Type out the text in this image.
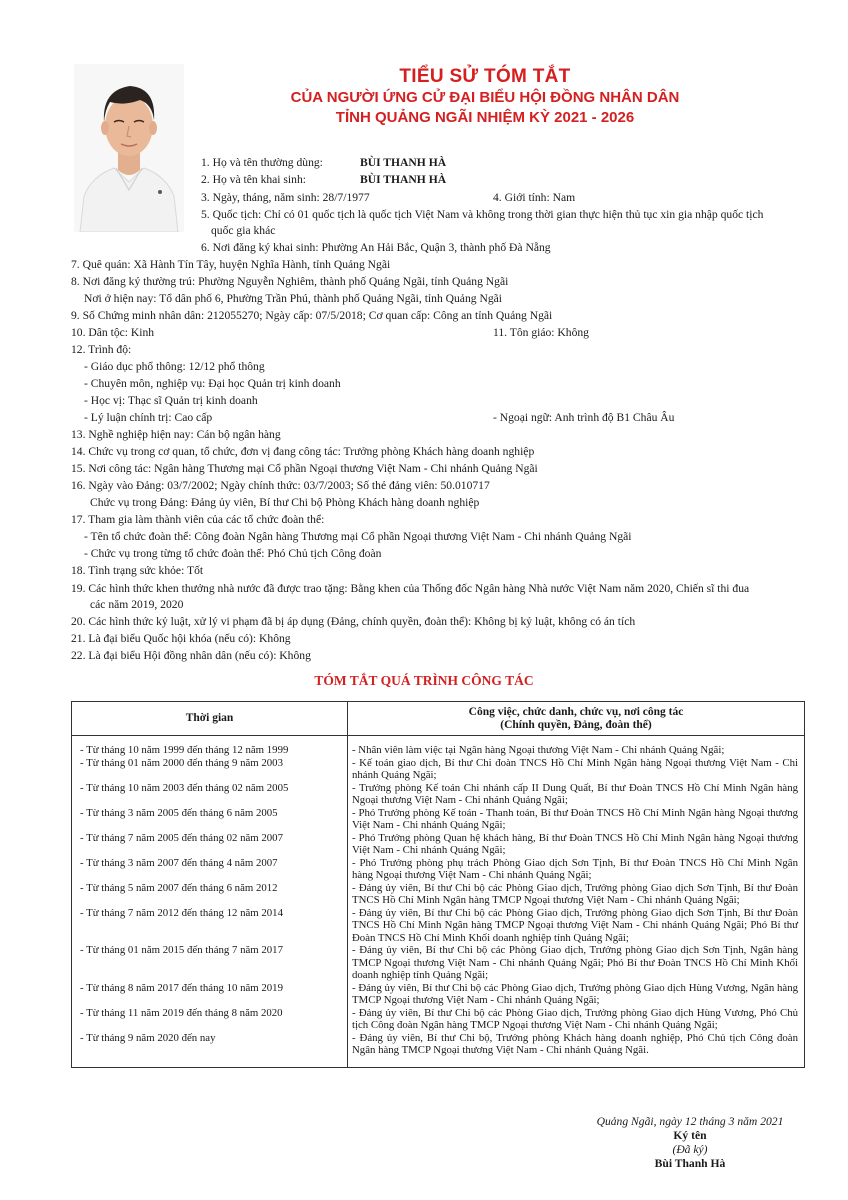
TIỂU SỬ TÓM TẮT
CỦA NGƯỜI ỨNG CỬ ĐẠI BIỂU HỘI ĐỒNG NHÂN DÂN
TỈNH QUẢNG NGÃI NHIỆM KỲ 2021 - 2026
1. Họ và tên thường dùng:	BÙI THANH HÀ
2. Họ và tên khai sinh:	BÙI THANH HÀ
3. Ngày, tháng, năm sinh: 28/7/1977	4. Giới tính: Nam
5. Quốc tịch: Chỉ có 01 quốc tịch là quốc tịch Việt Nam và không trong thời gian thực hiện thủ tục xin gia nhập quốc tịch
quốc gia khác
6. Nơi đăng ký khai sinh: Phường An Hải Bắc, Quận 3, thành phố Đà Nẵng
7. Quê quán: Xã Hành Tín Tây, huyện Nghĩa Hành, tỉnh Quảng Ngãi
8. Nơi đăng ký thường trú: Phường Nguyễn Nghiêm, thành phố Quảng Ngãi, tỉnh Quảng Ngãi
Nơi ở hiện nay: Tổ dân phố 6, Phường Trần Phú, thành phố Quảng Ngãi, tỉnh Quảng Ngãi
9. Số Chứng minh nhân dân: 212055270; Ngày cấp: 07/5/2018; Cơ quan cấp: Công an tỉnh Quảng Ngãi
10. Dân tộc: Kinh	11. Tôn giáo: Không
12. Trình độ:
- Giáo dục phổ thông: 12/12 phổ thông
- Chuyên môn, nghiệp vụ: Đại học Quản trị kinh doanh
- Học vị: Thạc sĩ Quản trị kinh doanh
- Lý luận chính trị: Cao cấp	- Ngoại ngữ: Anh trình độ B1 Châu Âu
13. Nghề nghiệp hiện nay: Cán bộ ngân hàng
14. Chức vụ trong cơ quan, tổ chức, đơn vị đang công tác: Trưởng phòng Khách hàng doanh nghiệp
15. Nơi công tác: Ngân hàng Thương mại Cổ phần Ngoại thương Việt Nam - Chi nhánh Quảng Ngãi
16. Ngày vào Đảng: 03/7/2002; Ngày chính thức: 03/7/2003; Số thẻ đảng viên: 50.010717
Chức vụ trong Đảng: Đảng ủy viên, Bí thư Chi bộ Phòng Khách hàng doanh nghiệp
17. Tham gia làm thành viên của các tổ chức đoàn thể:
- Tên tổ chức đoàn thể: Công đoàn Ngân hàng Thương mại Cổ phần Ngoại thương Việt Nam - Chi nhánh Quảng Ngãi
- Chức vụ trong từng tổ chức đoàn thể: Phó Chủ tịch Công đoàn
18. Tình trạng sức khỏe: Tốt
19. Các hình thức khen thưởng nhà nước đã được trao tặng: Bằng khen của Thống đốc Ngân hàng Nhà nước Việt Nam năm 2020, Chiến sĩ thi đua
các năm 2019, 2020
20. Các hình thức kỷ luật, xử lý vi phạm đã bị áp dụng (Đảng, chính quyền, đoàn thể): Không bị kỷ luật, không có án tích
21. Là đại biểu Quốc hội khóa (nếu có): Không
22. Là đại biểu Hội đồng nhân dân (nếu có): Không
TÓM TẮT QUÁ TRÌNH CÔNG TÁC
Thời gian	Công việc, chức danh, chức vụ, nơi công tác
(Chính quyền, Đảng, đoàn thể)

- Từ tháng 10 năm 1999 đến tháng 12 năm 1999	- Nhân viên làm việc tại Ngân hàng Ngoại thương Việt Nam - Chi nhánh Quảng Ngãi;
- Từ tháng 01 năm 2000 đến tháng 9 năm 2003	- Kế toán giao dịch, Bí thư Chi đoàn TNCS Hồ Chí Minh Ngân hàng Ngoại thương Việt Nam - Chi nhánh Quảng Ngãi;
- Từ tháng 10 năm 2003 đến tháng 02 năm 2005	- Trưởng phòng Kế toán Chi nhánh cấp II Dung Quất, Bí thư Đoàn TNCS Hồ Chí Minh Ngân hàng Ngoại thương Việt Nam - Chi nhánh Quảng Ngãi;
- Từ tháng 3 năm 2005 đến tháng 6 năm 2005	- Phó Trưởng phòng Kế toán - Thanh toán, Bí thư Đoàn TNCS Hồ Chí Minh Ngân hàng Ngoại thương Việt Nam - Chi nhánh Quảng Ngãi;
- Từ tháng 7 năm 2005 đến tháng 02 năm 2007	- Phó Trưởng phòng Quan hệ khách hàng, Bí thư Đoàn TNCS Hồ Chí Minh Ngân hàng Ngoại thương Việt Nam - Chi nhánh Quảng Ngãi;
- Từ tháng 3 năm 2007 đến tháng 4 năm 2007	- Phó Trưởng phòng phụ trách Phòng Giao dịch Sơn Tịnh, Bí thư Đoàn TNCS Hồ Chí Minh Ngân hàng Ngoại thương Việt Nam - Chi nhánh Quảng Ngãi;
- Từ tháng 5 năm 2007 đến tháng 6 năm 2012	- Đảng ủy viên, Bí thư Chi bộ các Phòng Giao dịch, Trưởng phòng Giao dịch Sơn Tịnh, Bí thư Đoàn TNCS Hồ Chí Minh Ngân hàng TMCP Ngoại thương Việt Nam - Chi nhánh Quảng Ngãi;
- Từ tháng 7 năm 2012 đến tháng 12 năm 2014	- Đảng ủy viên, Bí thư Chi bộ các Phòng Giao dịch, Trưởng phòng Giao dịch Sơn Tịnh, Bí thư Đoàn TNCS Hồ Chí Minh Ngân hàng TMCP Ngoại thương Việt Nam - Chi nhánh Quảng Ngãi; Phó Bí thư Đoàn TNCS Hồ Chí Minh Khối doanh nghiệp tỉnh Quảng Ngãi;
- Từ tháng 01 năm 2015 đến tháng 7 năm 2017	- Đảng ủy viên, Bí thư Chi bộ các Phòng Giao dịch, Trưởng phòng Giao dịch Sơn Tịnh, Ngân hàng TMCP Ngoại thương Việt Nam - Chi nhánh Quảng Ngãi; Phó Bí thư Đoàn TNCS Hồ Chí Minh Khối doanh nghiệp tỉnh Quảng Ngãi;
- Từ tháng 8 năm 2017 đến tháng 10 năm 2019	- Đảng ủy viên, Bí thư Chi bộ các Phòng Giao dịch, Trưởng phòng Giao dịch Hùng Vương, Ngân hàng TMCP Ngoại thương Việt Nam - Chi nhánh Quảng Ngãi;
- Từ tháng 11 năm 2019 đến tháng 8 năm 2020	- Đảng ủy viên, Bí thư Chi bộ các Phòng Giao dịch, Trưởng phòng Giao dịch Hùng Vương, Phó Chủ tịch Công đoàn Ngân hàng TMCP Ngoại thương Việt Nam - Chi nhánh Quảng Ngãi;
- Từ tháng 9 năm 2020 đến nay	- Đảng ủy viên, Bí thư Chi bộ, Trưởng phòng Khách hàng doanh nghiệp, Phó Chủ tịch Công đoàn Ngân hàng TMCP Ngoại thương Việt Nam - Chi nhánh Quảng Ngãi.
Quảng Ngãi, ngày 12 tháng 3 năm 2021
Ký tên
(Đã ký)
Bùi Thanh Hà
